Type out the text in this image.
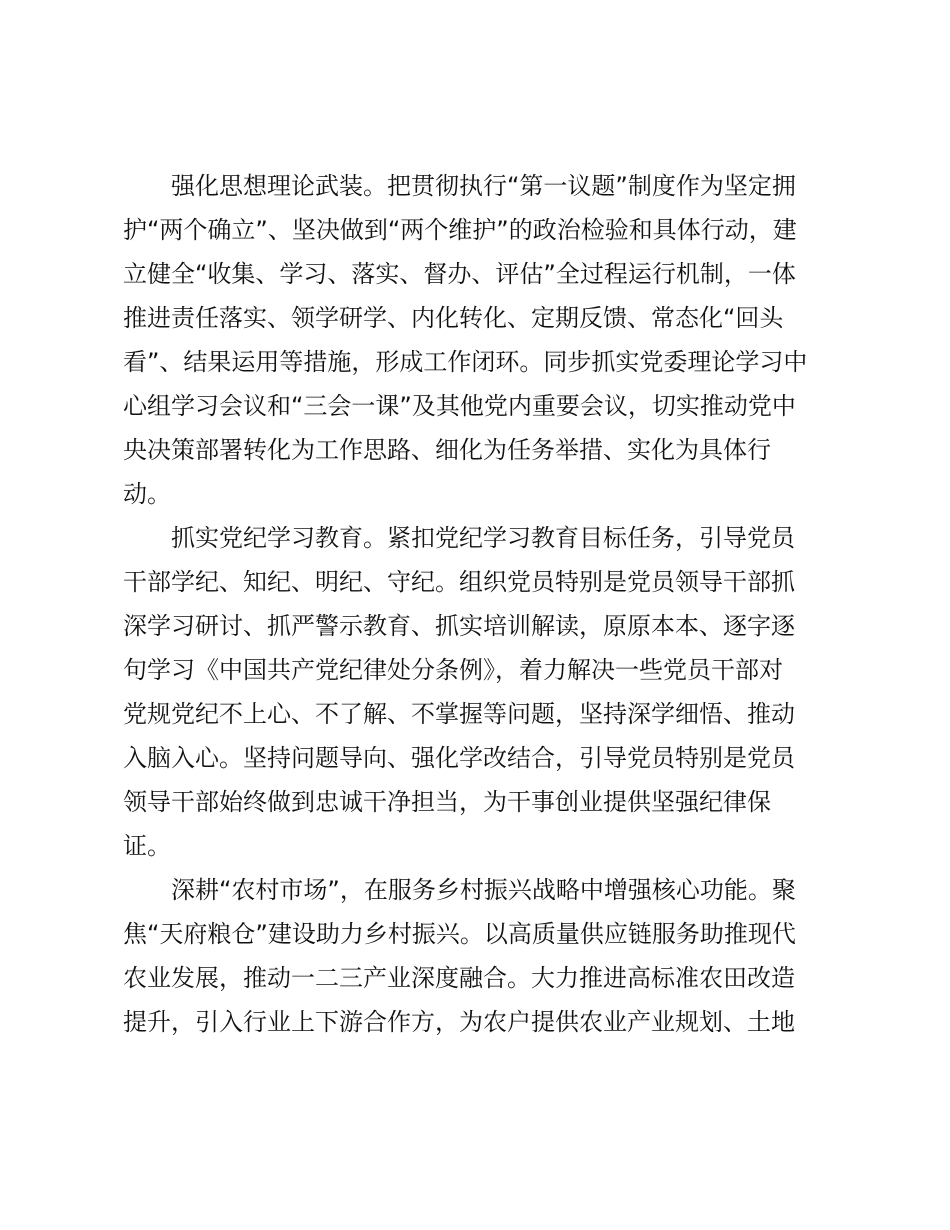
强化思想理论武装。把贯彻执行“第一议题”制度作为坚定拥
护“两个确立”、坚决做到“两个维护”的政治检验和具体行动，建
立健全“收集、学习、落实、督办、评估”全过程运行机制，一体
推进责任落实、领学研学、内化转化、定期反馈、常态化“回头
看”、结果运用等措施，形成工作闭环。同步抓实党委理论学习中
心组学习会议和“三会一课”及其他党内重要会议，切实推动党中
央决策部署转化为工作思路、细化为任务举措、实化为具体行
动。
抓实党纪学习教育。紧扣党纪学习教育目标任务，引导党员
干部学纪、知纪、明纪、守纪。组织党员特别是党员领导干部抓
深学习研讨、抓严警示教育、抓实培训解读，原原本本、逐字逐
句学习《中国共产党纪律处分条例》，着力解决一些党员干部对
党规党纪不上心、不了解、不掌握等问题，坚持深学细悟、推动
入脑入心。坚持问题导向、强化学改结合，引导党员特别是党员
领导干部始终做到忠诚干净担当，为干事创业提供坚强纪律保
证。
深耕“农村市场”，在服务乡村振兴战略中增强核心功能。聚
焦“天府粮仓”建设助力乡村振兴。以高质量供应链服务助推现代
农业发展，推动一二三产业深度融合。大力推进高标准农田改造
提升，引入行业上下游合作方，为农户提供农业产业规划、土地
